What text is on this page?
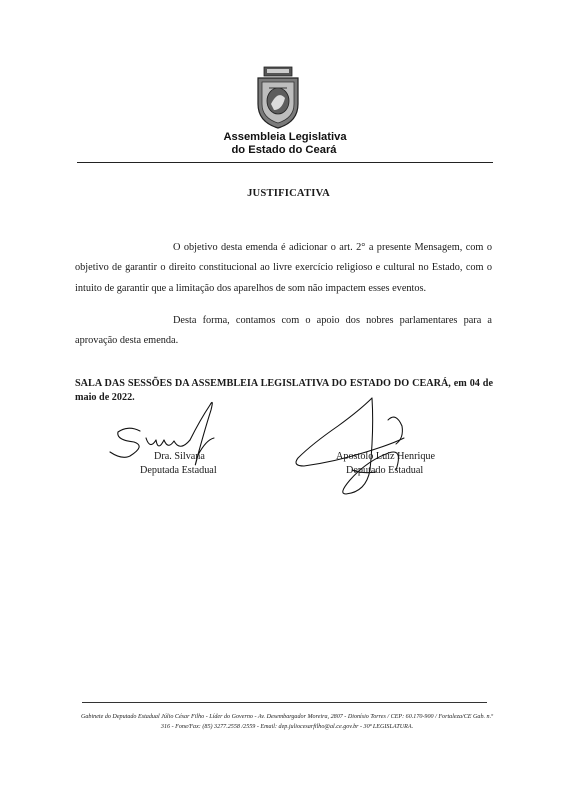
Assembleia Legislativa
do Estado do Ceará
JUSTIFICATIVA

O objetivo desta emenda é adicionar o art. 2° a presente Mensagem, com o objetivo de garantir o direito constitucional ao livre exercício religioso e cultural no Estado, com o intuito de garantir que a limitação dos aparelhos de som não impactem esses eventos.

Desta forma, contamos com o apoio dos nobres parlamentares para a aprovação desta emenda.

SALA DAS SESSÕES DA ASSEMBLEIA LEGISLATIVA DO ESTADO DO CEARÁ, em 04 de maio de 2022.

Dra. Silvana
Deputada Estadual
Apostolo Luiz Henrique
Deputado Estadual
Gabinete do Deputado Estadual Júlio César Filho - Líder do Governo - Av. Desembargador Moreira, 2807 - Dionísio Torres / CEP: 60.170-900 / Fortaleza/CE Gab. n.º 316 - Fone/Fax: (85) 3277.2558 /2559 - Email: dep.juliocesarfilho@al.ce.gov.br - 30ª LEGISLATURA.
